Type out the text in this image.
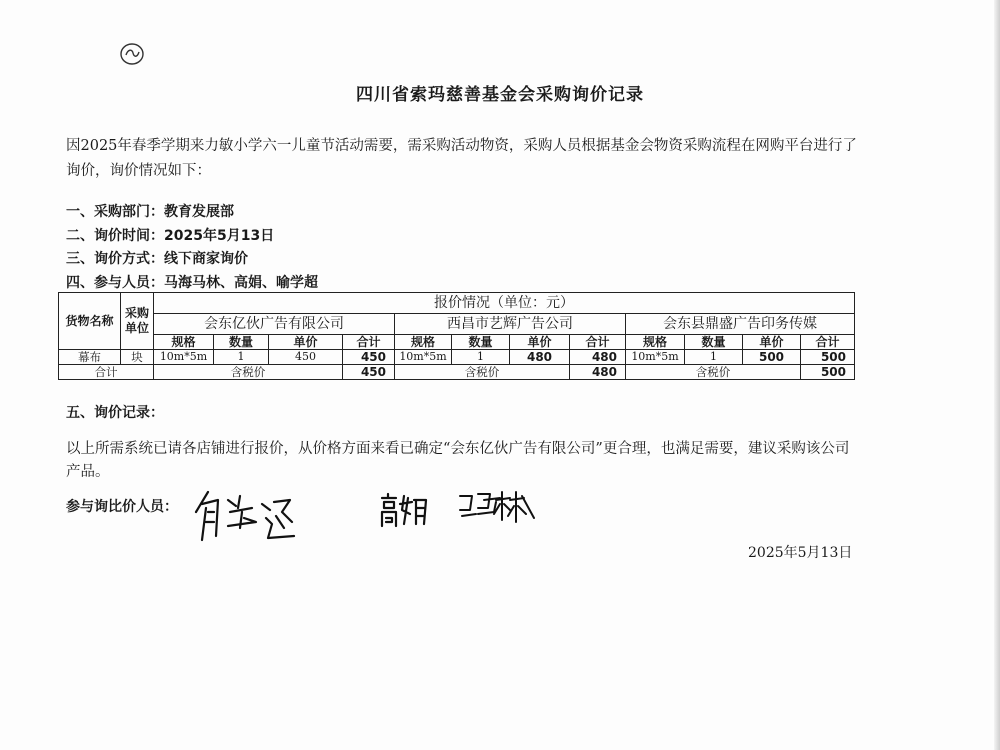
四川省索玛慈善基金会采购询价记录
因2025年春季学期来力敏小学六一儿童节活动需要，需采购活动物资，采购人员根据基金会物资采购流程在网购平台进行了询价，询价情况如下：
一、采购部门：教育发展部
二、询价时间：2025年5月13日
三、询价方式：线下商家询价
四、参与人员：马海马林、高娟、喻学超
货物名称	采购单位	报价情况（单位：元）											
		会东亿伙广告有限公司				西昌市艺辉广告公司				会东县鼎盛广告印务传媒			
		规格	数量	单价	合计	规格	数量	单价	合计	规格	数量	单价	合计
幕布	块	10m*5m	1	450	450	10m*5m	1	480	480	10m*5m	1	500	500
合计		含税价			450	含税价			480	含税价			500
五、询价记录：
以上所需系统已请各店铺进行报价，从价格方面来看已确定“会东亿伙广告有限公司”更合理，也满足需要，建议采购该公司产品。
参与询比价人员：
2025年5月13日
